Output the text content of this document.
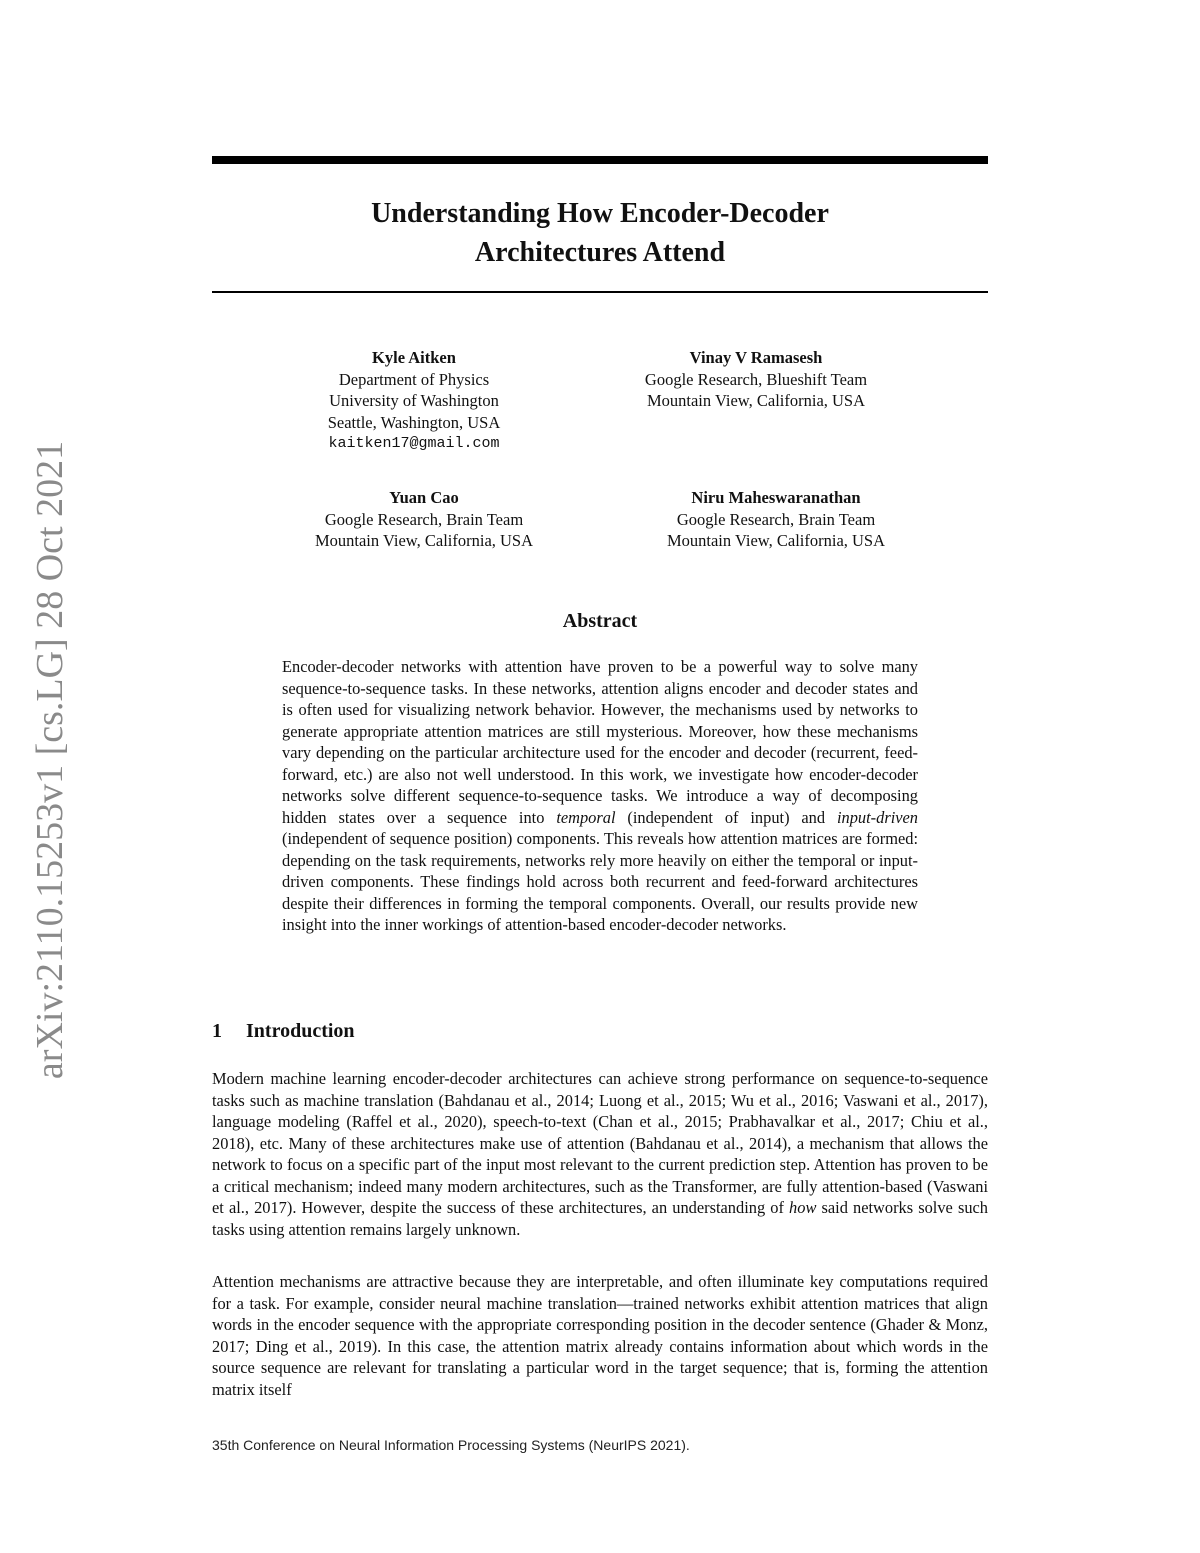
arXiv:2110.15253v1 [cs.LG] 28 Oct 2021
Understanding How Encoder-Decoder
Architectures Attend
Kyle Aitken
Department of Physics
University of Washington
Seattle, Washington, USA
kaitken17@gmail.com
Vinay V Ramasesh
Google Research, Blueshift Team
Mountain View, California, USA
Yuan Cao
Google Research, Brain Team
Mountain View, California, USA
Niru Maheswaranathan
Google Research, Brain Team
Mountain View, California, USA
Abstract
Encoder-decoder networks with attention have proven to be a powerful way to solve many sequence-to-sequence tasks. In these networks, attention aligns encoder and decoder states and is often used for visualizing network behavior. However, the mechanisms used by networks to generate appropriate attention matrices are still mysterious. Moreover, how these mechanisms vary depending on the particular architecture used for the encoder and decoder (recurrent, feed-forward, etc.) are also not well understood. In this work, we investigate how encoder-decoder networks solve different sequence-to-sequence tasks. We introduce a way of decomposing hidden states over a sequence into temporal (independent of input) and input-driven (independent of sequence position) components. This reveals how attention matrices are formed: depending on the task requirements, networks rely more heavily on either the temporal or input-driven components. These findings hold across both recurrent and feed-forward architectures despite their differences in forming the temporal components. Overall, our results provide new insight into the inner workings of attention-based encoder-decoder networks.
1 Introduction
Modern machine learning encoder-decoder architectures can achieve strong performance on sequence-to-sequence tasks such as machine translation (Bahdanau et al., 2014; Luong et al., 2015; Wu et al., 2016; Vaswani et al., 2017), language modeling (Raffel et al., 2020), speech-to-text (Chan et al., 2015; Prabhavalkar et al., 2017; Chiu et al., 2018), etc. Many of these architectures make use of attention (Bahdanau et al., 2014), a mechanism that allows the network to focus on a specific part of the input most relevant to the current prediction step. Attention has proven to be a critical mechanism; indeed many modern architectures, such as the Transformer, are fully attention-based (Vaswani et al., 2017). However, despite the success of these architectures, an understanding of how said networks solve such tasks using attention remains largely unknown.
Attention mechanisms are attractive because they are interpretable, and often illuminate key computations required for a task. For example, consider neural machine translation—trained networks exhibit attention matrices that align words in the encoder sequence with the appropriate corresponding position in the decoder sentence (Ghader & Monz, 2017; Ding et al., 2019). In this case, the attention matrix already contains information about which words in the source sequence are relevant for translating a particular word in the target sequence; that is, forming the attention matrix itself
35th Conference on Neural Information Processing Systems (NeurIPS 2021).
